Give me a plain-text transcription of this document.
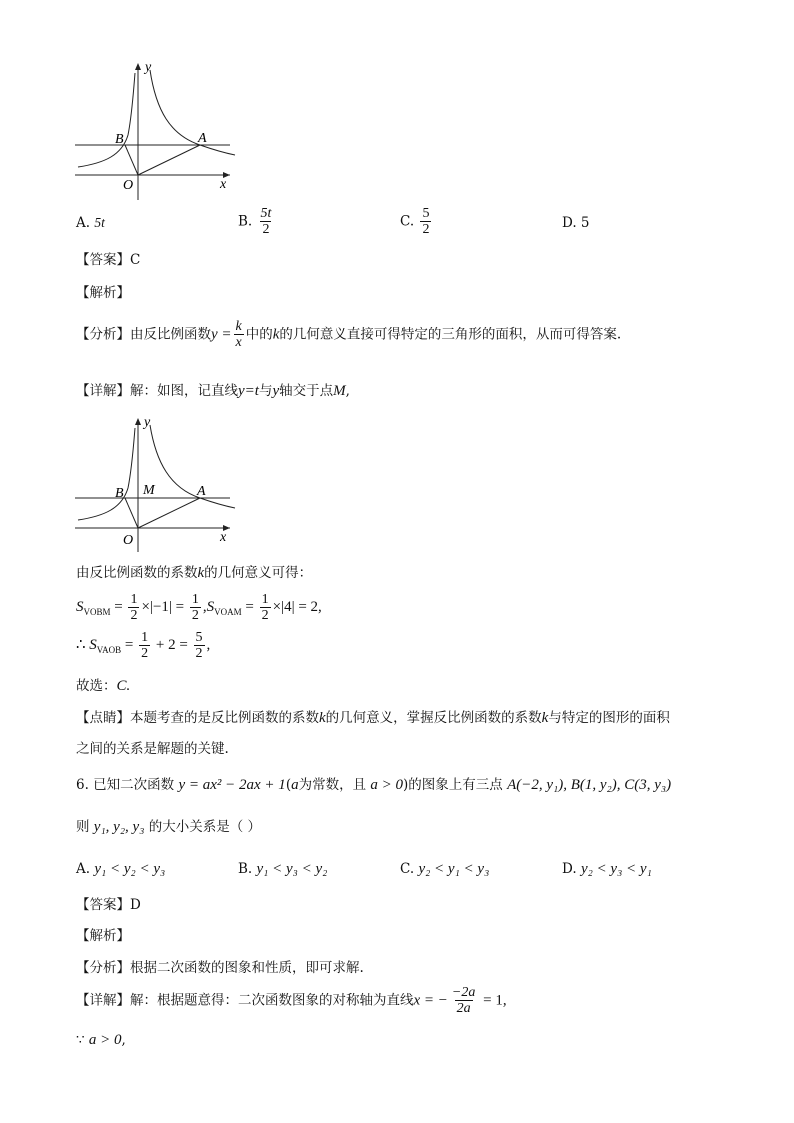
y
x
O
B	A
A. 5t	B. $\frac{5t}{2}$	C. $\frac{5}{2}$	D. 5
【答案】C
【解析】
【分析】由反比例函数$y = \frac{k}{x}$ 中的k的几何意义直接可得特定的三角形的面积，从而可得答案.
【详解】解：如图，记直线y=t与y轴交于点M,
y
x
O
B M	A
由反比例函数的系数k的几何意义可得：
$S_{VOBM} = \frac{1}{2} \times|-1| = \frac{1}{2} ,S_{VOAM} = \frac{1}{2} \times|4| = 2$,
∴ $S_{VAOB} = \frac{1}{2} + 2 = \frac{5}{2}$ ,
故选：C.
【点睛】本题考查的是反比例函数的系数k的几何意义，掌握反比例函数的系数k与特定的图形的面积
之间的关系是解题的关键.
6. 已知二次函数 y = ax² − 2ax + 1(a为常数，且 a > 0)的图象上有三点 A(−2, y₁), B(1, y₂), C(3, y₃)
则 y₁, y₂, y₃ 的大小关系是（ ）
A. y₁ < y₂ < y₃	B. y₁ < y₃ < y₂	C. y₂ < y₁ < y₃	D. y₂ < y₃ < y₁
【答案】D
【解析】
【分析】根据二次函数的图象和性质，即可求解.
【详解】解：根据题意得：二次函数图象的对称轴为直线x = − $\frac{-2a}{2a} = 1$,
∵ a > 0,
